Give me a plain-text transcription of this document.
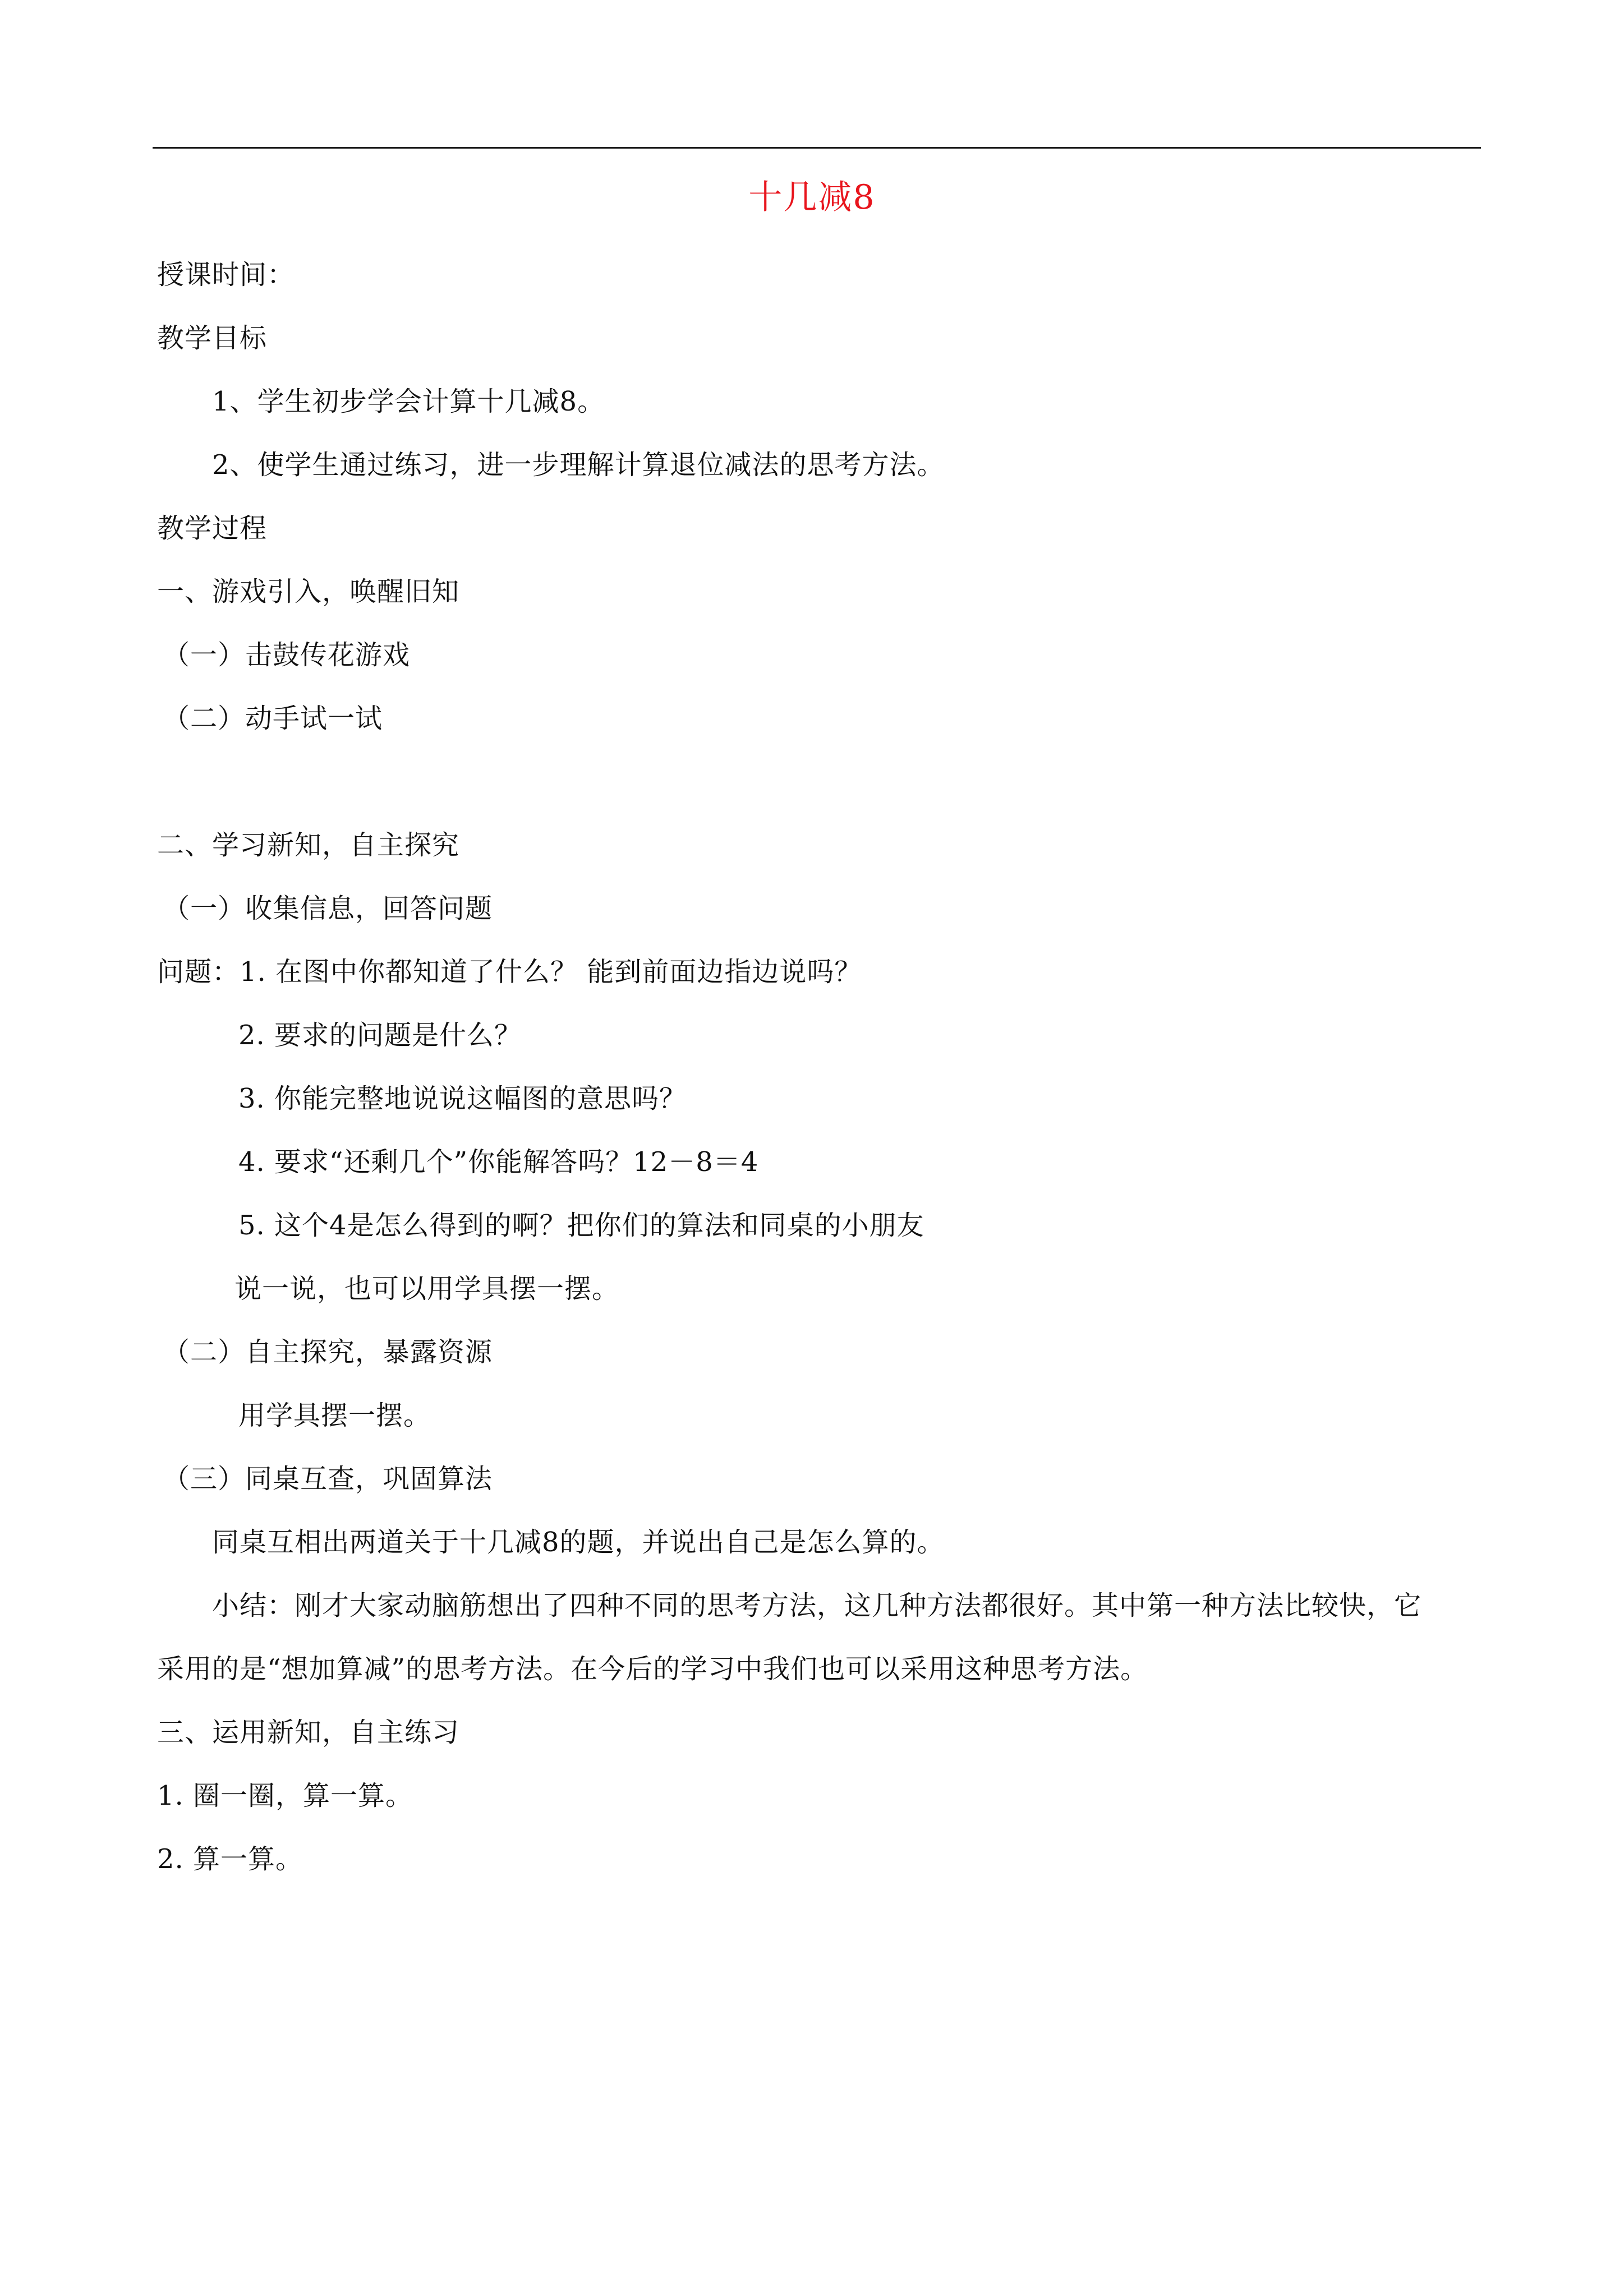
十几减8
授课时间：
教学目标
1、学生初步学会计算十几减8。
2、使学生通过练习，进一步理解计算退位减法的思考方法。
教学过程
一、游戏引入，唤醒旧知
（一）击鼓传花游戏
（二）动手试一试
二、学习新知，自主探究
（一）收集信息，回答问题
问题：1. 在图中你都知道了什么？ 能到前面边指边说吗？
2. 要求的问题是什么？
3. 你能完整地说说这幅图的意思吗？
4. 要求“还剩几个”你能解答吗？12－8＝4
5. 这个4是怎么得到的啊？把你们的算法和同桌的小朋友
说一说，也可以用学具摆一摆。
（二）自主探究，暴露资源
用学具摆一摆。
（三）同桌互查，巩固算法
同桌互相出两道关于十几减8的题，并说出自己是怎么算的。
小结：刚才大家动脑筋想出了四种不同的思考方法，这几种方法都很好。其中第一种方法比较快，它
采用的是“想加算减”的思考方法。在今后的学习中我们也可以采用这种思考方法。
三、运用新知，自主练习
1. 圈一圈，算一算。
2. 算一算。
